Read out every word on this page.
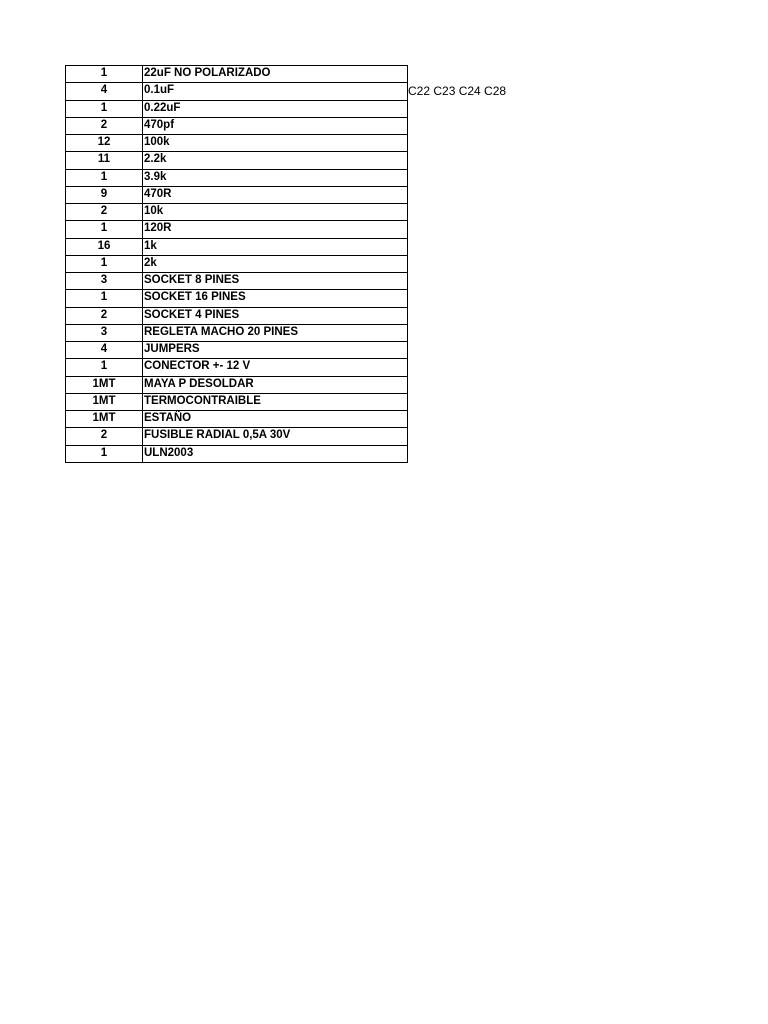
1	22uF NO POLARIZADO
4	0.1uF
1	0.22uF
2	470pf
12	100k
11	2.2k
1	3.9k
9	470R
2	10k
1	120R
16	1k
1	2k
3	SOCKET 8 PINES
1	SOCKET 16 PINES
2	SOCKET 4 PINES
3	REGLETA MACHO 20 PINES
4	JUMPERS
1	CONECTOR +- 12 V
1MT	MAYA P DESOLDAR
1MT	TERMOCONTRAIBLE
1MT	ESTAÑO
2	FUSIBLE RADIAL 0,5A 30V
1	ULN2003
C22 C23 C24 C28
